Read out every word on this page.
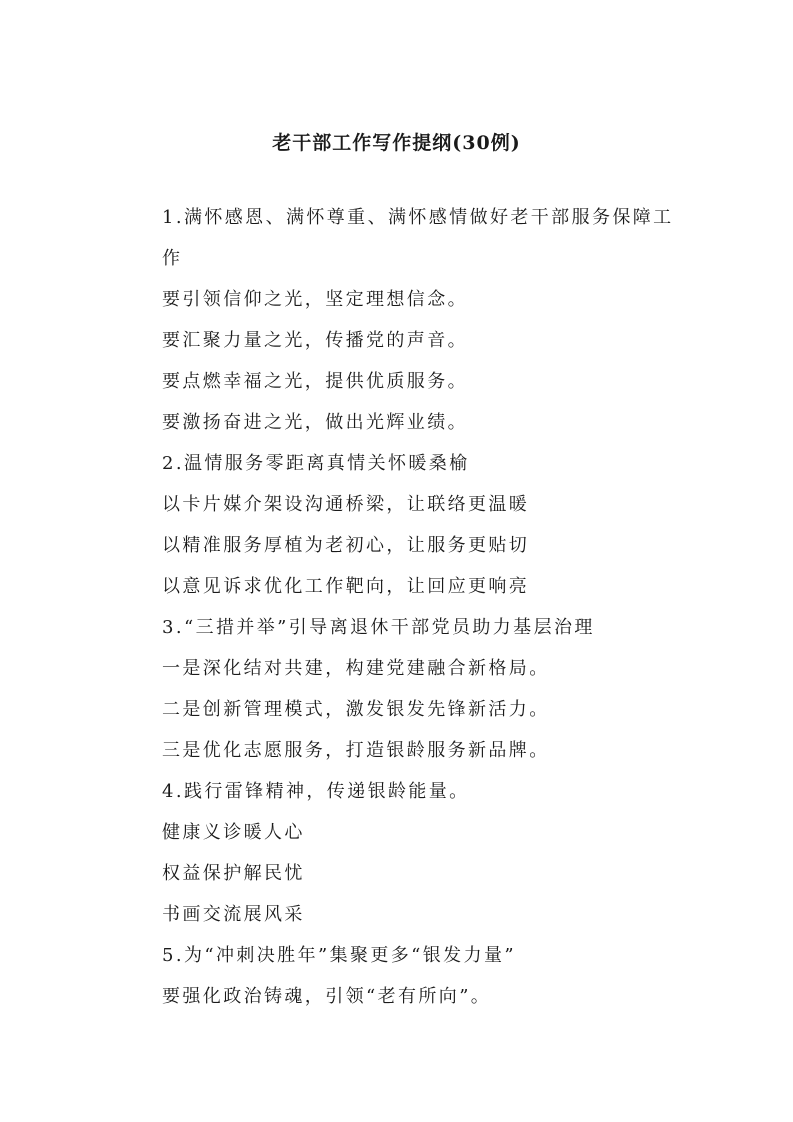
老干部工作写作提纲(30例)
1.满怀感恩、满怀尊重、满怀感情做好老干部服务保障工作
要引领信仰之光，坚定理想信念。
要汇聚力量之光，传播党的声音。
要点燃幸福之光，提供优质服务。
要激扬奋进之光，做出光辉业绩。
2.温情服务零距离真情关怀暖桑榆
以卡片媒介架设沟通桥梁，让联络更温暖
以精准服务厚植为老初心，让服务更贴切
以意见诉求优化工作靶向，让回应更响亮
3.“三措并举”引导离退休干部党员助力基层治理
一是深化结对共建，构建党建融合新格局。
二是创新管理模式，激发银发先锋新活力。
三是优化志愿服务，打造银龄服务新品牌。
4.践行雷锋精神，传递银龄能量。
健康义诊暖人心
权益保护解民忧
书画交流展风采
5.为“冲刺决胜年”集聚更多“银发力量”
要强化政治铸魂，引领“老有所向”。
